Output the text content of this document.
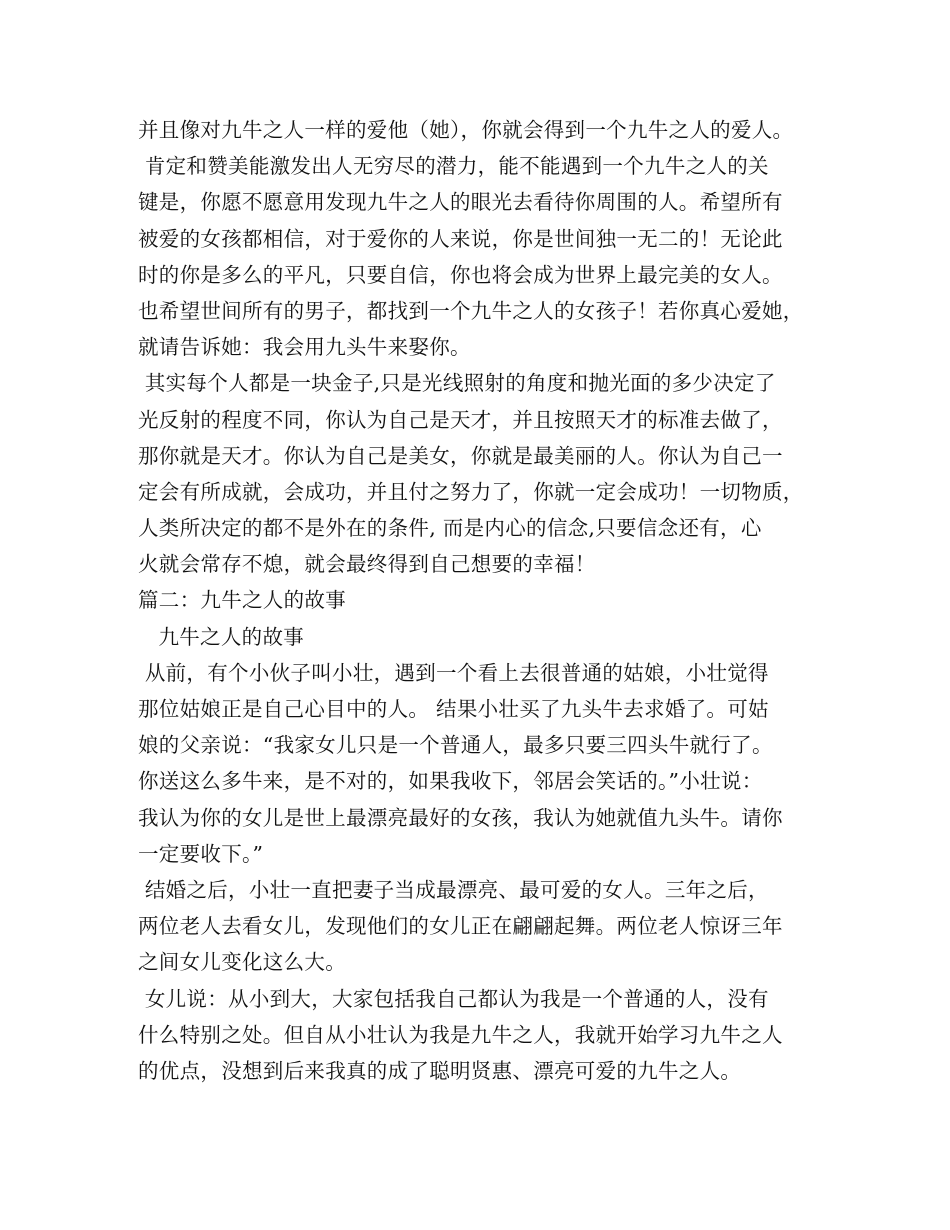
并且像对九牛之人一样的爱他（她），你就会得到一个九牛之人的爱人。
肯定和赞美能激发出人无穷尽的潜力，能不能遇到一个九牛之人的关
键是，你愿不愿意用发现九牛之人的眼光去看待你周围的人。希望所有
被爱的女孩都相信，对于爱你的人来说，你是世间独一无二的！无论此
时的你是多么的平凡，只要自信，你也将会成为世界上最完美的女人。
也希望世间所有的男子，都找到一个九牛之人的女孩子！若你真心爱她，
就请告诉她：我会用九头牛来娶你。
其实每个人都是一块金子,只是光线照射的角度和抛光面的多少决定了
光反射的程度不同，你认为自己是天才，并且按照天才的标准去做了，
那你就是天才。你认为自己是美女，你就是最美丽的人。你认为自己一
定会有所成就，会成功，并且付之努力了，你就一定会成功！一切物质，
人类所决定的都不是外在的条件, 而是内心的信念,只要信念还有，心
火就会常存不熄，就会最终得到自己想要的幸福！
篇二：九牛之人的故事
九牛之人的故事
从前，有个小伙子叫小壮，遇到一个看上去很普通的姑娘，小壮觉得
那位姑娘正是自己心目中的人。 结果小壮买了九头牛去求婚了。可姑
娘的父亲说：“我家女儿只是一个普通人，最多只要三四头牛就行了。
你送这么多牛来，是不对的，如果我收下，邻居会笑话的。”小壮说：
我认为你的女儿是世上最漂亮最好的女孩，我认为她就值九头牛。请你
一定要收下。”
结婚之后，小壮一直把妻子当成最漂亮、最可爱的女人。三年之后，
两位老人去看女儿，发现他们的女儿正在翩翩起舞。两位老人惊讶三年
之间女儿变化这么大。
女儿说：从小到大，大家包括我自己都认为我是一个普通的人，没有
什么特别之处。但自从小壮认为我是九牛之人，我就开始学习九牛之人
的优点，没想到后来我真的成了聪明贤惠、漂亮可爱的九牛之人。
